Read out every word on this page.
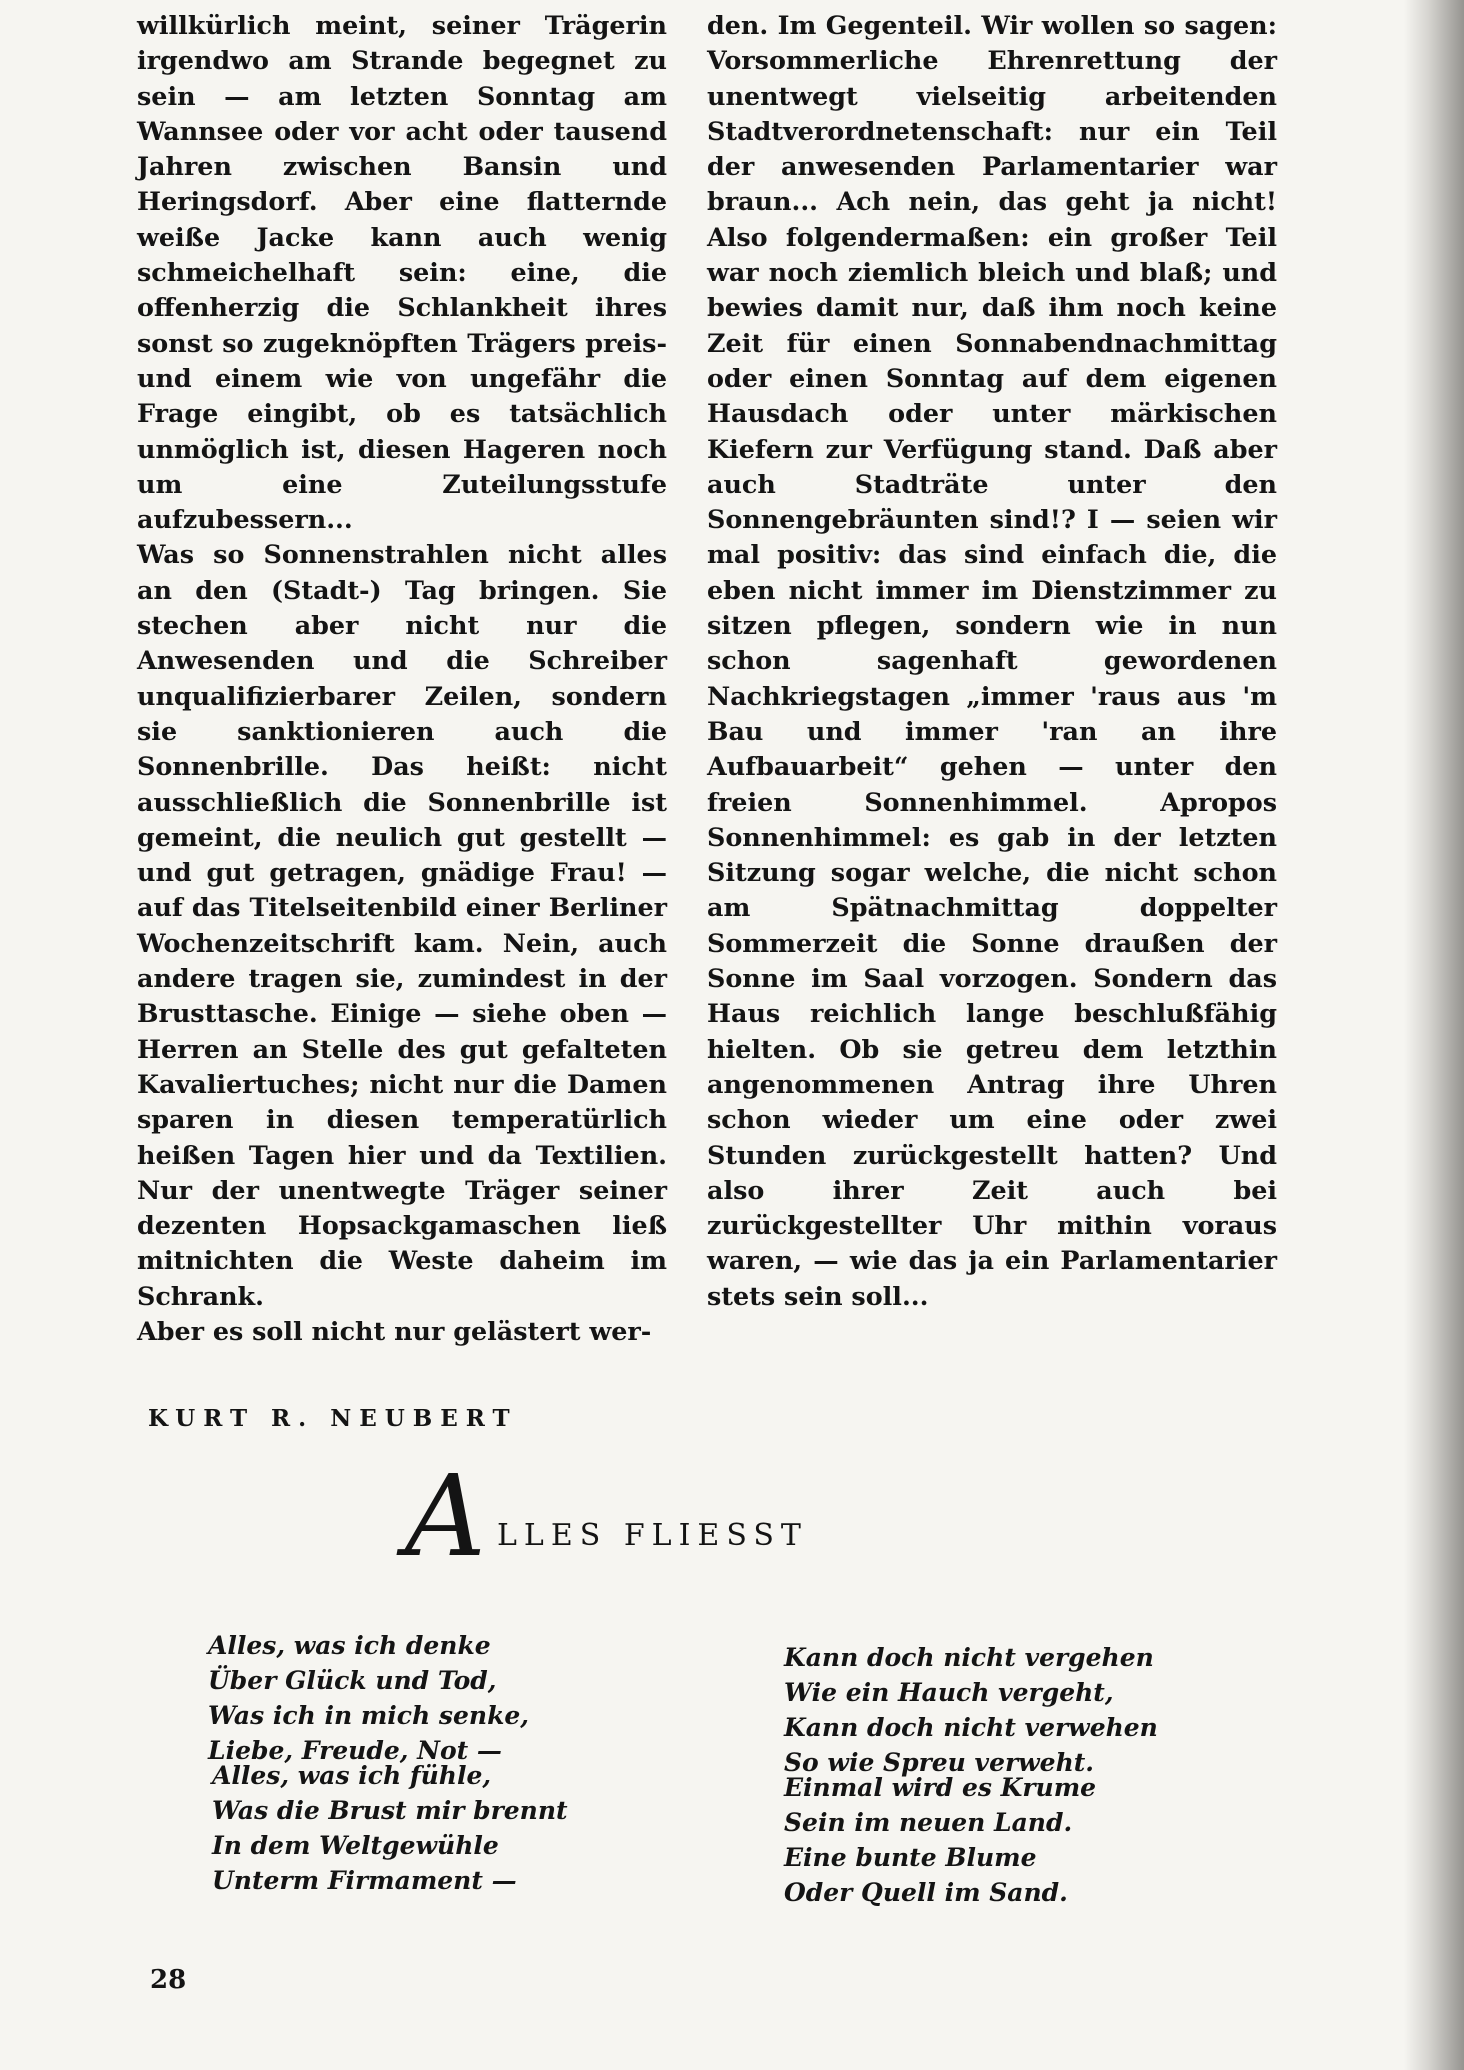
willkürlich meint, seiner Trägerin irgendwo am Strande begegnet zu sein — am letzten Sonntag am Wannsee oder vor acht oder tausend Jahren zwischen Bansin und Heringsdorf. Aber eine flatternde weiße Jacke kann auch wenig schmeichelhaft sein: eine, die offenherzig die Schlankheit ihres sonst so zugeknöpften Trägers preis- und einem wie von ungefähr die Frage eingibt, ob es tatsächlich unmöglich ist, diesen Hageren noch um eine Zuteilungsstufe aufzubessern...

Was so Sonnenstrahlen nicht alles an den (Stadt-) Tag bringen. Sie stechen aber nicht nur die Anwesenden und die Schreiber unqualifizierbarer Zeilen, sondern sie sanktionieren auch die Sonnenbrille. Das heißt: nicht ausschließlich die Sonnenbrille ist gemeint, die neulich gut gestellt — und gut getragen, gnädige Frau! — auf das Titelseitenbild einer Berliner Wochenzeitschrift kam. Nein, auch andere tragen sie, zumindest in der Brusttasche. Einige — siehe oben — Herren an Stelle des gut gefalteten Kavaliertuches; nicht nur die Damen sparen in diesen temperatürlich heißen Tagen hier und da Textilien. Nur der unentwegte Träger seiner dezenten Hopsackgamaschen ließ mitnichten die Weste daheim im Schrank.

Aber es soll nicht nur gelästert wer-

den. Im Gegenteil. Wir wollen so sagen: Vorsommerliche Ehrenrettung der unentwegt vielseitig arbeitenden Stadtverordnetenschaft: nur ein Teil der anwesenden Parlamentarier war braun... Ach nein, das geht ja nicht! Also folgendermaßen: ein großer Teil war noch ziemlich bleich und blaß; und bewies damit nur, daß ihm noch keine Zeit für einen Sonnabendnachmittag oder einen Sonntag auf dem eigenen Hausdach oder unter märkischen Kiefern zur Verfügung stand. Daß aber auch Stadträte unter den Sonnengebräunten sind!? I — seien wir mal positiv: das sind einfach die, die eben nicht immer im Dienstzimmer zu sitzen pflegen, sondern wie in nun schon sagenhaft gewordenen Nachkriegstagen „immer 'raus aus 'm Bau und immer 'ran an ihre Aufbauarbeit“ gehen — unter den freien Sonnenhimmel. Apropos Sonnenhimmel: es gab in der letzten Sitzung sogar welche, die nicht schon am Spätnachmittag doppelter Sommerzeit die Sonne draußen der Sonne im Saal vorzogen. Sondern das Haus reichlich lange beschlußfähig hielten. Ob sie getreu dem letzthin angenommenen Antrag ihre Uhren schon wieder um eine oder zwei Stunden zurückgestellt hatten? Und also ihrer Zeit auch bei zurückgestellter Uhr mithin voraus waren, — wie das ja ein Parlamentarier stets sein soll...

KURT R. NEUBERT
A LLES FLIESST
Alles, was ich denke
Über Glück und Tod,
Was ich in mich senke,
Liebe, Freude, Not —
Alles, was ich fühle,
Was die Brust mir brennt
In dem Weltgewühle
Unterm Firmament —
Kann doch nicht vergehen
Wie ein Hauch vergeht,
Kann doch nicht verwehen
So wie Spreu verweht.
Einmal wird es Krume
Sein im neuen Land.
Eine bunte Blume
Oder Quell im Sand.
28
